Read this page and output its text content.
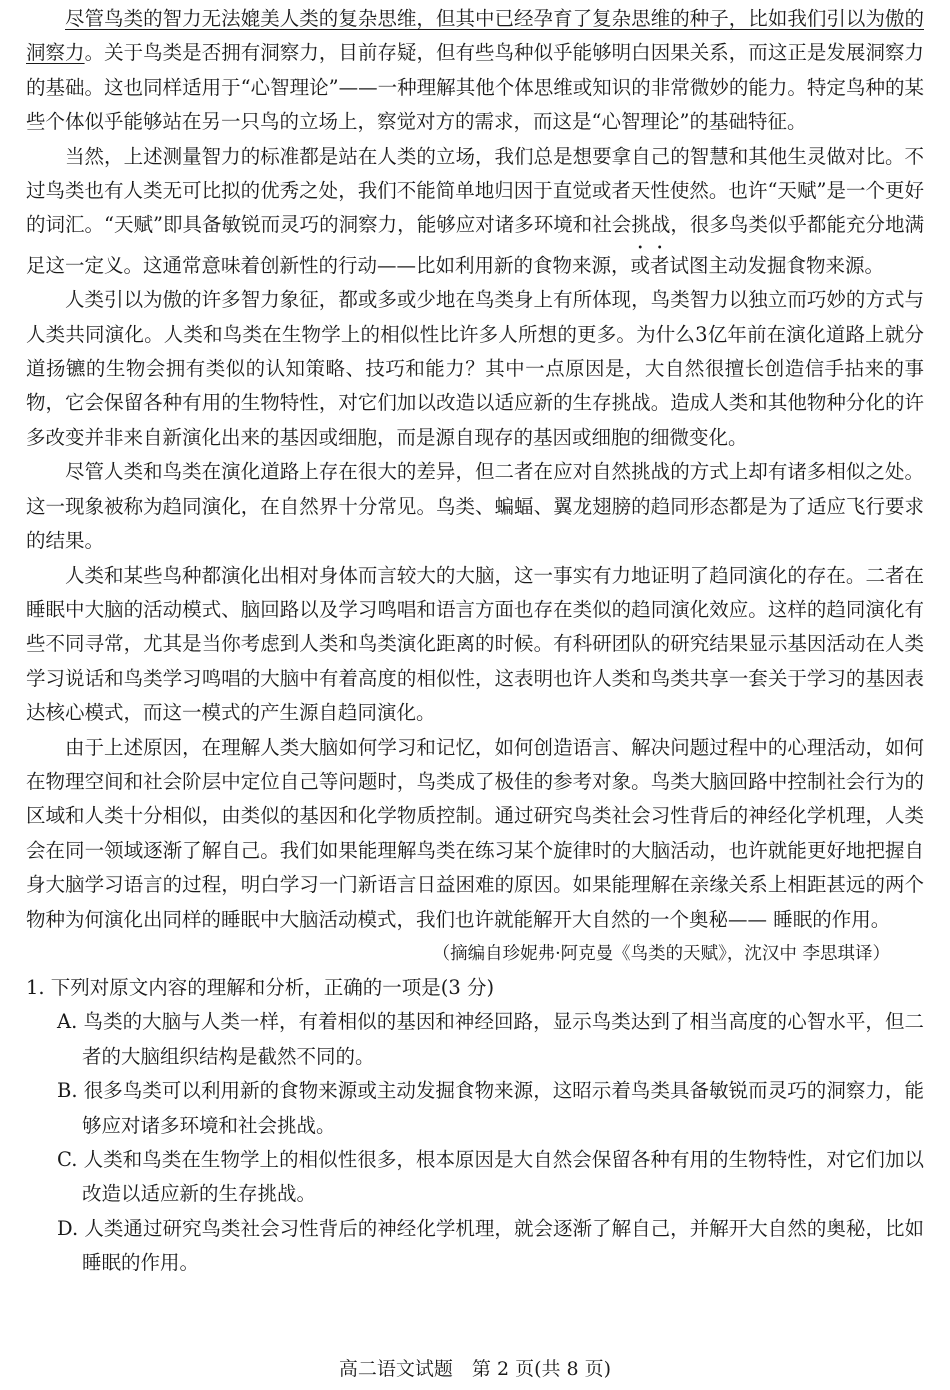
尽管鸟类的智力无法媲美人类的复杂思维，但其中已经孕育了复杂思维的种子，比如我们引以为傲的洞察力。关于鸟类是否拥有洞察力，目前存疑，但有些鸟种似乎能够明白因果关系，而这正是发展洞察力的基础。这也同样适用于“心智理论”——一种理解其他个体思维或知识的非常微妙的能力。特定鸟种的某些个体似乎能够站在另一只鸟的立场上，察觉对方的需求，而这是“心智理论”的基础特征。

当然，上述测量智力的标准都是站在人类的立场，我们总是想要拿自己的智慧和其他生灵做对比。不过鸟类也有人类无可比拟的优秀之处，我们不能简单地归因于直觉或者天性使然。也许“天赋”是一个更好的词汇。“天赋”即具备敏锐而灵巧的洞察力，能够应对诸多环境和社会挑战，很多鸟类似乎都能充分地满足这一定义。这通常意味着创新性的行动——比如利用新的食物来源，或者试图主动发掘食物来源。

人类引以为傲的许多智力象征，都或多或少地在鸟类身上有所体现，鸟类智力以独立而巧妙的方式与人类共同演化。人类和鸟类在生物学上的相似性比许多人所想的更多。为什么3亿年前在演化道路上就分道扬镳的生物会拥有类似的认知策略、技巧和能力？其中一点原因是，大自然很擅长创造信手拈来的事物，它会保留各种有用的生物特性，对它们加以改造以适应新的生存挑战。造成人类和其他物种分化的许多改变并非来自新演化出来的基因或细胞，而是源自现存的基因或细胞的细微变化。

尽管人类和鸟类在演化道路上存在很大的差异，但二者在应对自然挑战的方式上却有诸多相似之处。这一现象被称为趋同演化，在自然界十分常见。鸟类、蝙蝠、翼龙翅膀的趋同形态都是为了适应飞行要求的结果。

人类和某些鸟种都演化出相对身体而言较大的大脑，这一事实有力地证明了趋同演化的存在。二者在睡眠中大脑的活动模式、脑回路以及学习鸣唱和语言方面也存在类似的趋同演化效应。这样的趋同演化有些不同寻常，尤其是当你考虑到人类和鸟类演化距离的时候。有科研团队的研究结果显示基因活动在人类学习说话和鸟类学习鸣唱的大脑中有着高度的相似性，这表明也许人类和鸟类共享一套关于学习的基因表达核心模式，而这一模式的产生源自趋同演化。

由于上述原因，在理解人类大脑如何学习和记忆，如何创造语言、解决问题过程中的心理活动，如何在物理空间和社会阶层中定位自己等问题时，鸟类成了极佳的参考对象。鸟类大脑回路中控制社会行为的区域和人类十分相似，由类似的基因和化学物质控制。通过研究鸟类社会习性背后的神经化学机理，人类会在同一领域逐渐了解自己。我们如果能理解鸟类在练习某个旋律时的大脑活动，也许就能更好地把握自身大脑学习语言的过程，明白学习一门新语言日益困难的原因。如果能理解在亲缘关系上相距甚远的两个物种为何演化出同样的睡眠中大脑活动模式，我们也许就能解开大自然的一个奥秘—— 睡眠的作用。

（摘编自珍妮弗·阿克曼《鸟类的天赋》，沈汉中 李思琪译）

1. 下列对原文内容的理解和分析，正确的一项是(3 分)

A. 鸟类的大脑与人类一样，有着相似的基因和神经回路，显示鸟类达到了相当高度的心智水平，但二者的大脑组织结构是截然不同的。

B. 很多鸟类可以利用新的食物来源或主动发掘食物来源，这昭示着鸟类具备敏锐而灵巧的洞察力，能够应对诸多环境和社会挑战。

C. 人类和鸟类在生物学上的相似性很多，根本原因是大自然会保留各种有用的生物特性，对它们加以改造以适应新的生存挑战。

D. 人类通过研究鸟类社会习性背后的神经化学机理，就会逐渐了解自己，并解开大自然的奥秘，比如睡眠的作用。

高二语文试题　第 2 页(共 8 页)
